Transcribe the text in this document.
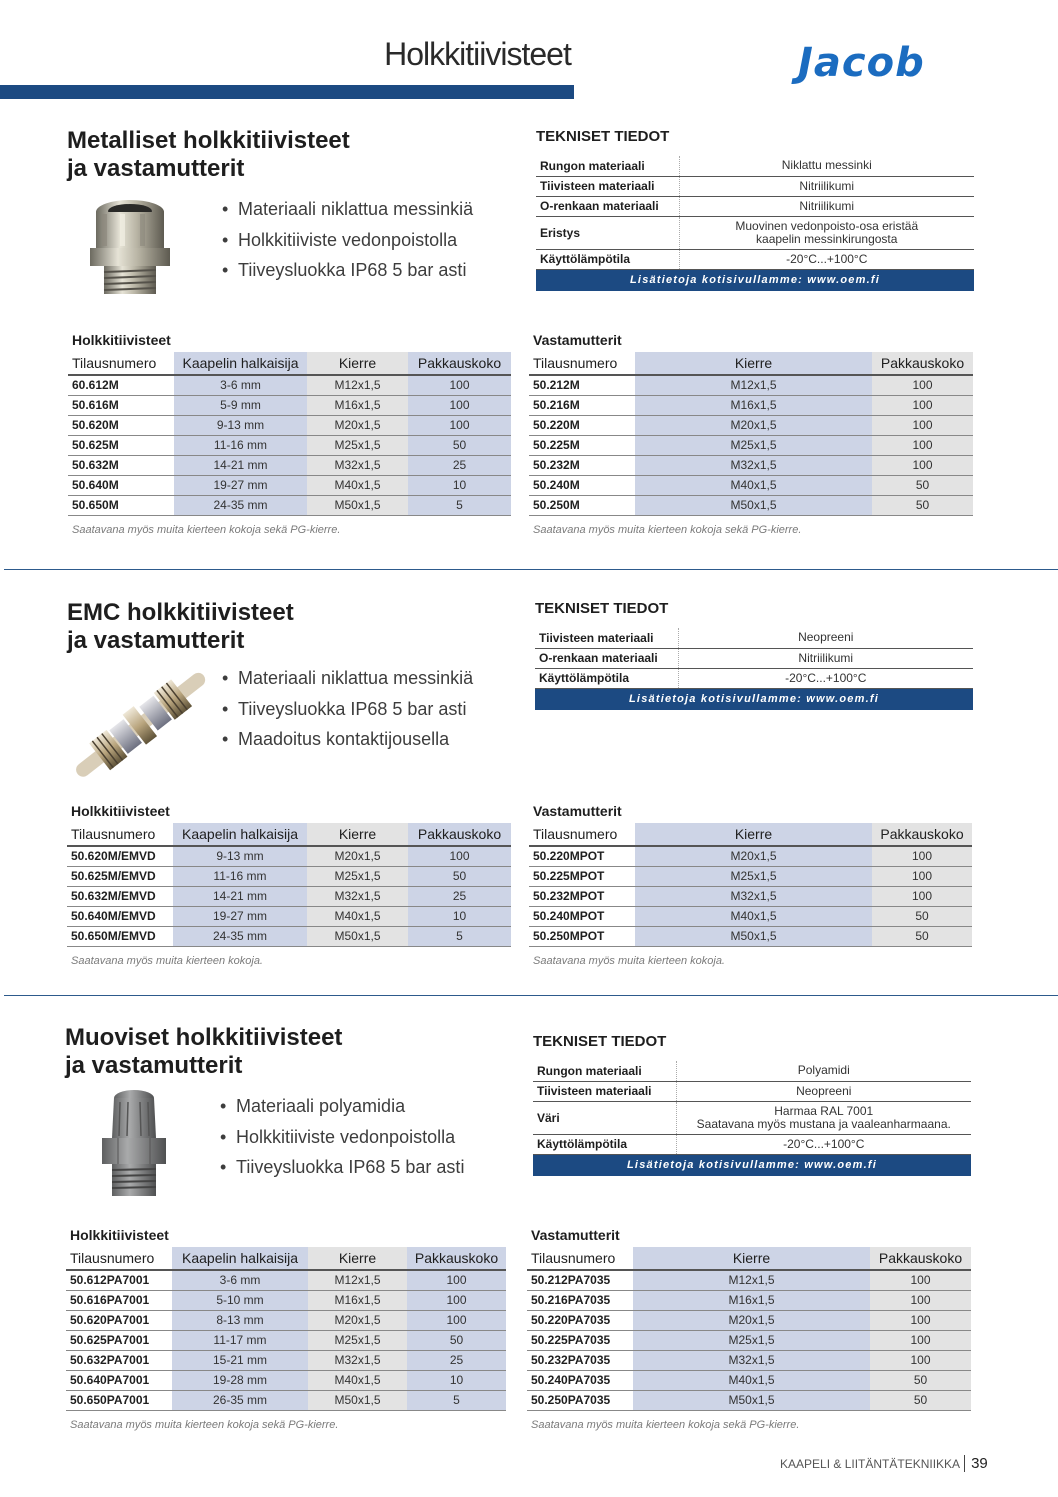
Holkkitiivisteet	Jacob
Metalliset holkkitiivisteet
ja vastamutterit
• Materiaali niklattua messinkiä
• Holkkitiiviste vedonpoistolla
• Tiiveysluokka IP68 5 bar asti
TEKNISET TIEDOT
Rungon materiaali	Niklattu messinki

Tiivisteen materiaali	Nitriilikumi

O-renkaan materiaali	Nitriilikumi

Eristys	Muovinen vedonpoisto-osa eristää
kaapelin messinkirungosta

Käyttölämpötila	-20°C...+100°C
Lisätietoja kotisivullamme: www.oem.fi
Holkkitiivisteet
Tilausnumero	Kaapelin halkaisija	Kierre	Pakkauskoko
60.612M	3-6 mm	M12x1,5	100
50.616M	5-9 mm	M16x1,5	100
50.620M	9-13 mm	M20x1,5	100
50.625M	11-16 mm	M25x1,5	50
50.632M	14-21 mm	M32x1,5	25
50.640M	19-27 mm	M40x1,5	10
50.650M	24-35 mm	M50x1,5	5
Saatavana myös muita kierteen kokoja sekä PG-kierre.
Vastamutterit
Tilausnumero	Kierre	Pakkauskoko
50.212M	M12x1,5	100
50.216M	M16x1,5	100
50.220M	M20x1,5	100
50.225M	M25x1,5	100
50.232M	M32x1,5	100
50.240M	M40x1,5	50
50.250M	M50x1,5	50
Saatavana myös muita kierteen kokoja sekä PG-kierre.
EMC holkkitiivisteet
ja vastamutterit
• Materiaali niklattua messinkiä
• Tiiveysluokka IP68 5 bar asti
• Maadoitus kontaktijousella
TEKNISET TIEDOT
Tiivisteen materiaali	Neopreeni

O-renkaan materiaali	Nitriilikumi

Käyttölämpötila	-20°C...+100°C
Lisätietoja kotisivullamme: www.oem.fi
Holkkitiivisteet
Tilausnumero	Kaapelin halkaisija	Kierre	Pakkauskoko
50.620M/EMVD	9-13 mm	M20x1,5	100
50.625M/EMVD	11-16 mm	M25x1,5	50
50.632M/EMVD	14-21 mm	M32x1,5	25
50.640M/EMVD	19-27 mm	M40x1,5	10
50.650M/EMVD	24-35 mm	M50x1,5	5
Saatavana myös muita kierteen kokoja.
Vastamutterit
Tilausnumero	Kierre	Pakkauskoko
50.220MPOT	M20x1,5	100
50.225MPOT	M25x1,5	100
50.232MPOT	M32x1,5	100
50.240MPOT	M40x1,5	50
50.250MPOT	M50x1,5	50
Saatavana myös muita kierteen kokoja.
Muoviset holkkitiivisteet
ja vastamutterit
• Materiaali polyamidia
• Holkkitiiviste vedonpoistolla
• Tiiveysluokka IP68 5 bar asti
TEKNISET TIEDOT
Rungon materiaali	Polyamidi

Tiivisteen materiaali	Neopreeni

Väri	Harmaa RAL 7001
Saatavana myös mustana ja vaaleanharmaana.

Käyttölämpötila	-20°C...+100°C
Lisätietoja kotisivullamme: www.oem.fi
Holkkitiivisteet
Tilausnumero	Kaapelin halkaisija	Kierre	Pakkauskoko
50.612PA7001	3-6 mm	M12x1,5	100
50.616PA7001	5-10 mm	M16x1,5	100
50.620PA7001	8-13 mm	M20x1,5	100
50.625PA7001	11-17 mm	M25x1,5	50
50.632PA7001	15-21 mm	M32x1,5	25
50.640PA7001	19-28 mm	M40x1,5	10
50.650PA7001	26-35 mm	M50x1,5	5
Saatavana myös muita kierteen kokoja sekä PG-kierre.
Vastamutterit
Tilausnumero	Kierre	Pakkauskoko
50.212PA7035	M12x1,5	100
50.216PA7035	M16x1,5	100
50.220PA7035	M20x1,5	100
50.225PA7035	M25x1,5	100
50.232PA7035	M32x1,5	100
50.240PA7035	M40x1,5	50
50.250PA7035	M50x1,5	50
Saatavana myös muita kierteen kokoja sekä PG-kierre.
KAAPELI & LIITÄNTÄTEKNIIKKA 39
